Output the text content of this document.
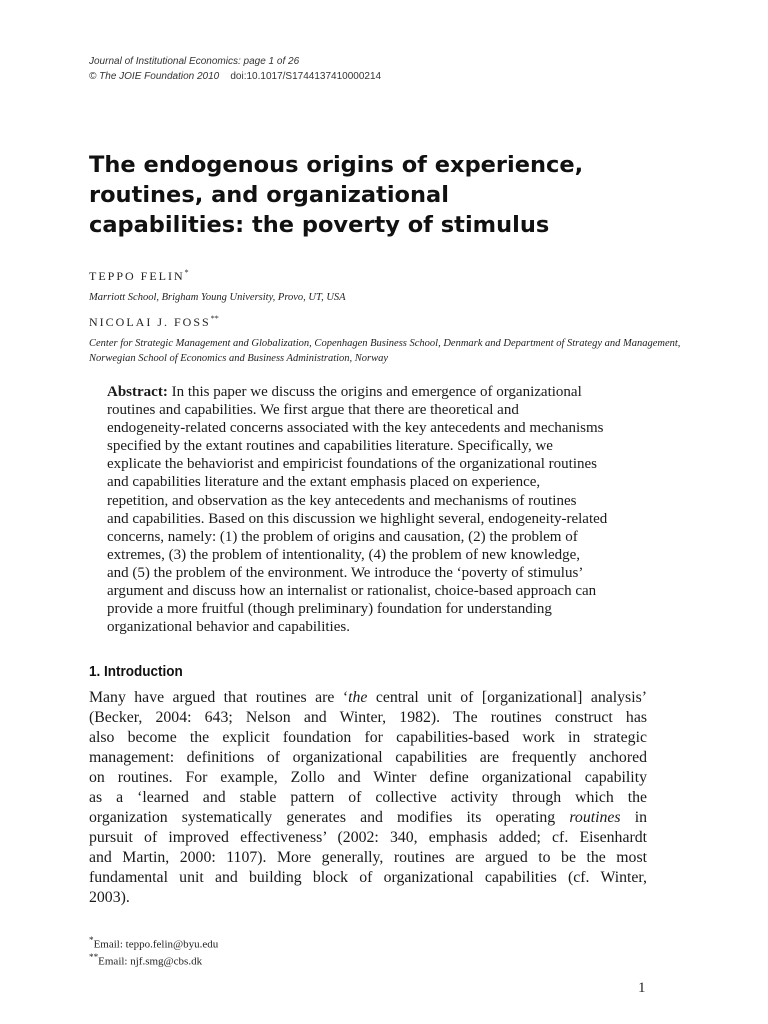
Journal of Institutional Economics: page 1 of 26
© The JOIE Foundation 2010 doi:10.1017/S1744137410000214
The endogenous origins of experience,
routines, and organizational
capabilities: the poverty of stimulus
TEPPO FELIN*
Marriott School, Brigham Young University, Provo, UT, USA
NICOLAI J. FOSS**
Center for Strategic Management and Globalization, Copenhagen Business School, Denmark and Department of Strategy and Management, Norwegian School of Economics and Business Administration, Norway
Abstract: In this paper we discuss the origins and emergence of organizational
routines and capabilities. We first argue that there are theoretical and
endogeneity-related concerns associated with the key antecedents and mechanisms
specified by the extant routines and capabilities literature. Specifically, we
explicate the behaviorist and empiricist foundations of the organizational routines
and capabilities literature and the extant emphasis placed on experience,
repetition, and observation as the key antecedents and mechanisms of routines
and capabilities. Based on this discussion we highlight several, endogeneity-related
concerns, namely: (1) the problem of origins and causation, (2) the problem of
extremes, (3) the problem of intentionality, (4) the problem of new knowledge,
and (5) the problem of the environment. We introduce the ‘poverty of stimulus’
argument and discuss how an internalist or rationalist, choice-based approach can
provide a more fruitful (though preliminary) foundation for understanding
organizational behavior and capabilities.
1. Introduction
Many have argued that routines are ‘the central unit of [organizational] analysis’
(Becker, 2004: 643; Nelson and Winter, 1982). The routines construct has
also become the explicit foundation for capabilities-based work in strategic
management: definitions of organizational capabilities are frequently anchored
on routines. For example, Zollo and Winter define organizational capability
as a ‘learned and stable pattern of collective activity through which the
organization systematically generates and modifies its operating routines in
pursuit of improved effectiveness’ (2002: 340, emphasis added; cf. Eisenhardt
and Martin, 2000: 1107). More generally, routines are argued to be the most
fundamental unit and building block of organizational capabilities (cf. Winter,
2003).
*Email: teppo.felin@byu.edu
**Email: njf.smg@cbs.dk
1
